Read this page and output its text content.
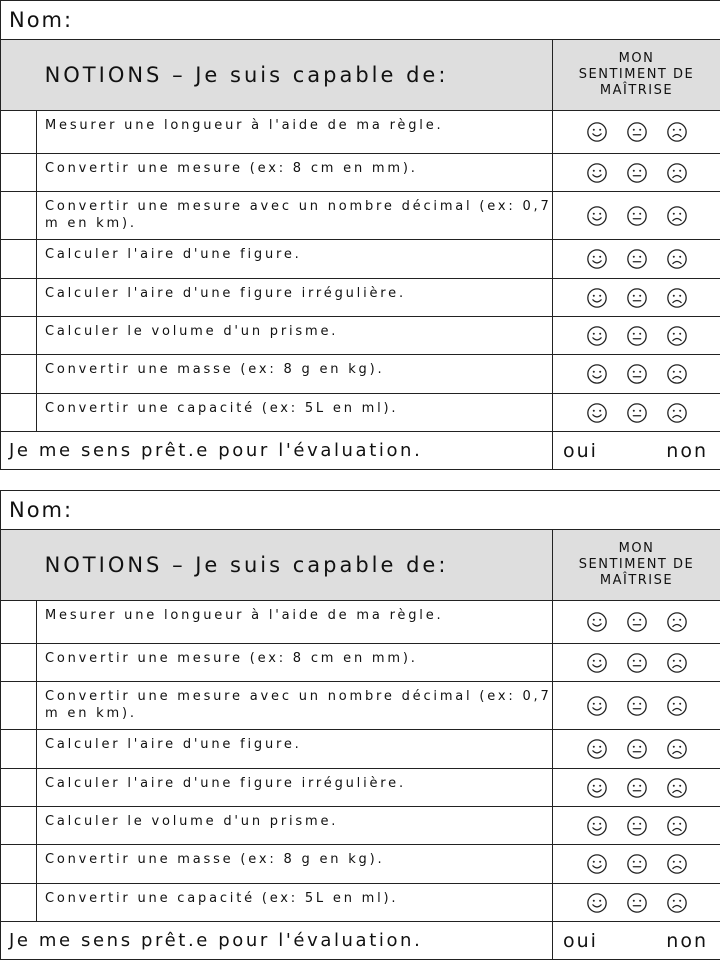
Nom:		
NOTIONS – Je suis capable de:		MON
SENTIMENT DE
MAÎTRISE

	Mesurer une longueur à l'aide de ma règle.	

	Convertir une mesure (ex: 8 cm en mm).	

	Convertir une mesure avec un nombre décimal (ex: 0,7 m en km).	

	Calculer l'aire d'une figure.	

	Calculer l'aire d'une figure irrégulière.	

	Calculer le volume d'un prisme.	

	Convertir une masse (ex: 8 g en kg).	

	Convertir une capacité (ex: 5L en ml).	

Je me sens prêt.e pour l'évaluation.		oui non
Nom:		
NOTIONS – Je suis capable de:		MON
SENTIMENT DE
MAÎTRISE

	Mesurer une longueur à l'aide de ma règle.	

	Convertir une mesure (ex: 8 cm en mm).	

	Convertir une mesure avec un nombre décimal (ex: 0,7 m en km).	

	Calculer l'aire d'une figure.	

	Calculer l'aire d'une figure irrégulière.	

	Calculer le volume d'un prisme.	

	Convertir une masse (ex: 8 g en kg).	

	Convertir une capacité (ex: 5L en ml).	

Je me sens prêt.e pour l'évaluation.		oui non
